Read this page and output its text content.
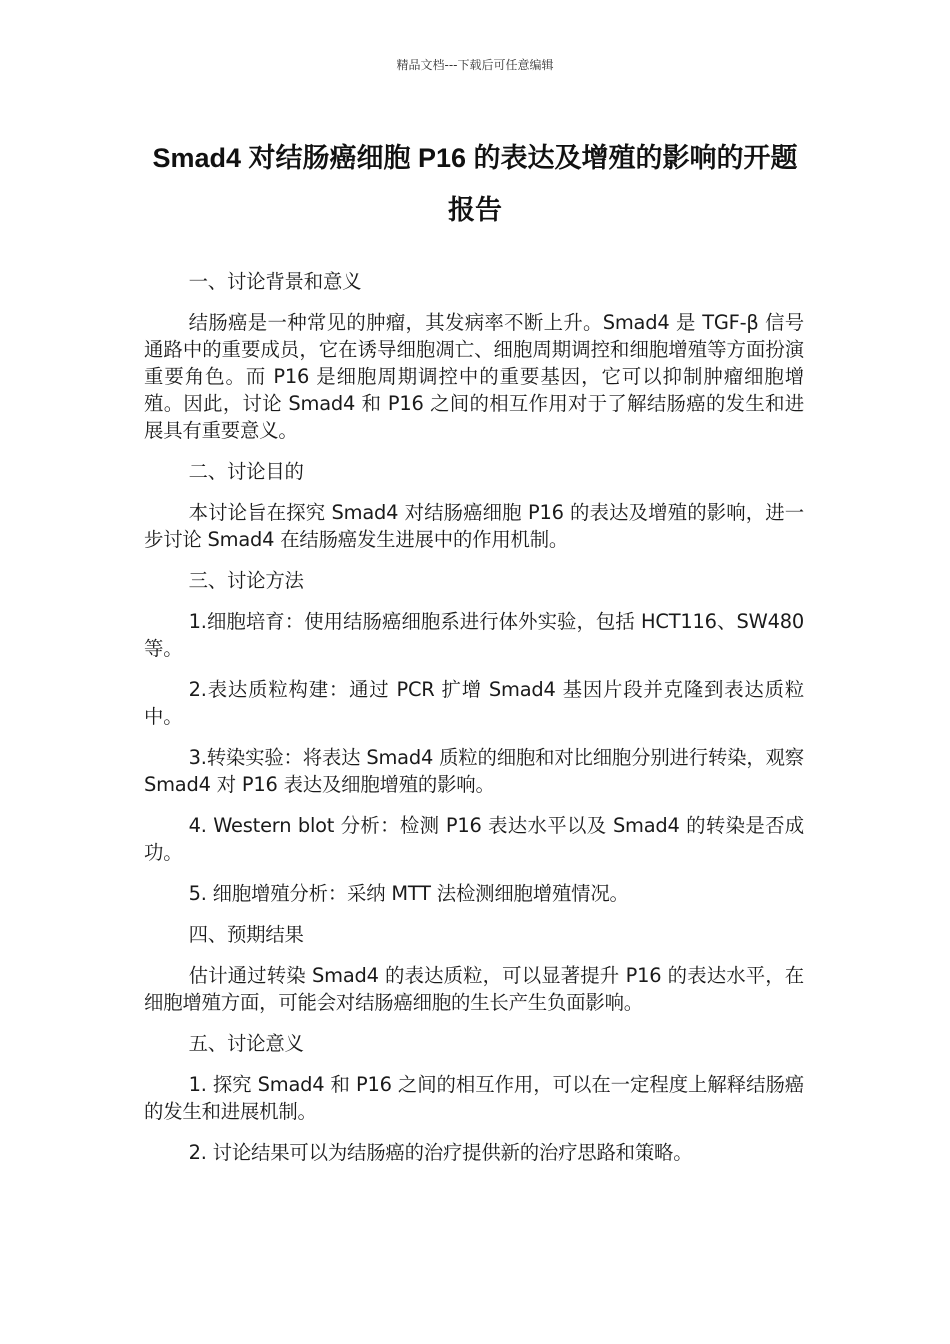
精品文档---下载后可任意编辑
Smad4 对结肠癌细胞 P16 的表达及增殖的影响的开题报告

一、讨论背景和意义

结肠癌是一种常见的肿瘤，其发病率不断上升。Smad4 是 TGF-β 信号通路中的重要成员，它在诱导细胞凋亡、细胞周期调控和细胞增殖等方面扮演重要角色。而 P16 是细胞周期调控中的重要基因，它可以抑制肿瘤细胞增殖。因此，讨论 Smad4 和 P16 之间的相互作用对于了解结肠癌的发生和进展具有重要意义。

二、讨论目的

本讨论旨在探究 Smad4 对结肠癌细胞 P16 的表达及增殖的影响，进一步讨论 Smad4 在结肠癌发生进展中的作用机制。

三、讨论方法

1.细胞培育：使用结肠癌细胞系进行体外实验，包括 HCT116、SW480 等。

2.表达质粒构建：通过 PCR 扩增 Smad4 基因片段并克隆到表达质粒中。

3.转染实验：将表达 Smad4 质粒的细胞和对比细胞分别进行转染，观察 Smad4 对 P16 表达及细胞增殖的影响。

4. Western blot 分析：检测 P16 表达水平以及 Smad4 的转染是否成功。

5. 细胞增殖分析：采纳 MTT 法检测细胞增殖情况。

四、预期结果

估计通过转染 Smad4 的表达质粒，可以显著提升 P16 的表达水平，在细胞增殖方面，可能会对结肠癌细胞的生长产生负面影响。

五、讨论意义

1. 探究 Smad4 和 P16 之间的相互作用，可以在一定程度上解释结肠癌的发生和进展机制。

2. 讨论结果可以为结肠癌的治疗提供新的治疗思路和策略。
